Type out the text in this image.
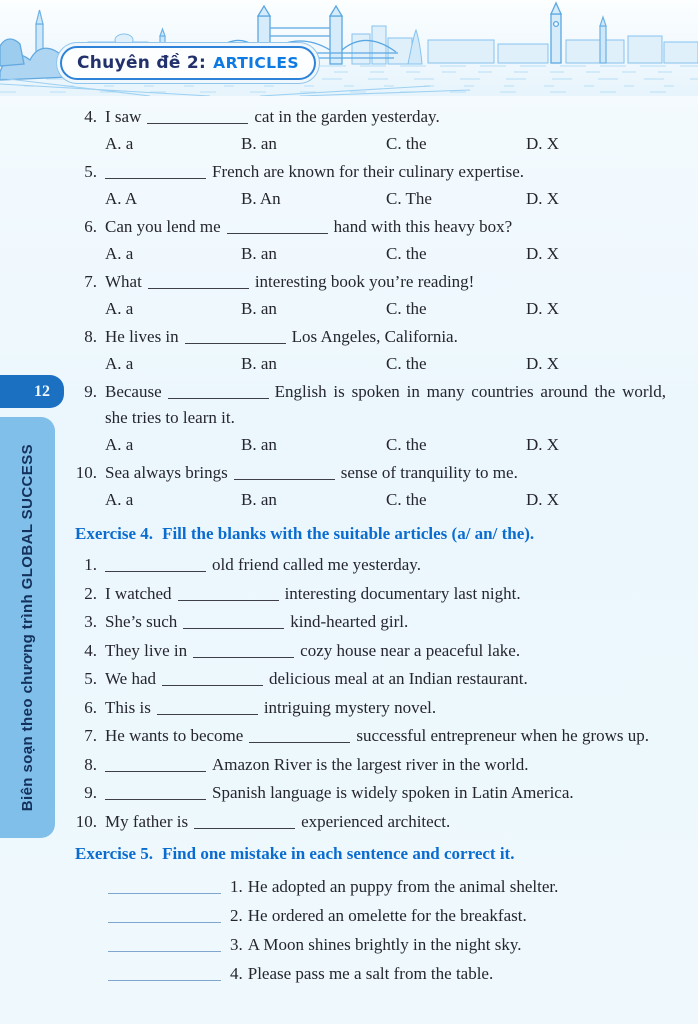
Chuyên đề 2: ARTICLES
12
Biên soạn theo chương trình GLOBAL SUCCESS
4. I saw	cat in the garden yesterday.
A. a	B. an	C. the	D. X
5.	French are known for their culinary expertise.
A. A	B. An	C. The	D. X
6. Can you lend me	hand with this heavy box?
A. a	B. an	C. the	D. X
7. What	interesting book you’re reading!
A. a	B. an	C. the	D. X
8. He lives in	Los Angeles, California.
A. a	B. an	C. the	D. X
9. Because	English is spoken in many countries around the world, she tries to learn it.
A. a	B. an	C. the	D. X
10. Sea always brings	sense of tranquility to me.
A. a	B. an	C. the	D. X
Exercise 4. Fill the blanks with the suitable articles (a/ an/ the).
1.	old friend called me yesterday.
2. I watched	interesting documentary last night.
3. She’s such	kind-hearted girl.
4. They live in	cozy house near a peaceful lake.
5. We had	delicious meal at an Indian restaurant.
6. This is	intriguing mystery novel.
7. He wants to become	successful entrepreneur when he grows up.
8.	Amazon River is the largest river in the world.
9.	Spanish language is widely spoken in Latin America.
10. My father is	experienced architect.
Exercise 5. Find one mistake in each sentence and correct it.
1. He adopted an puppy from the animal shelter.
2. He ordered an omelette for the breakfast.
3. A Moon shines brightly in the night sky.
4. Please pass me a salt from the table.
